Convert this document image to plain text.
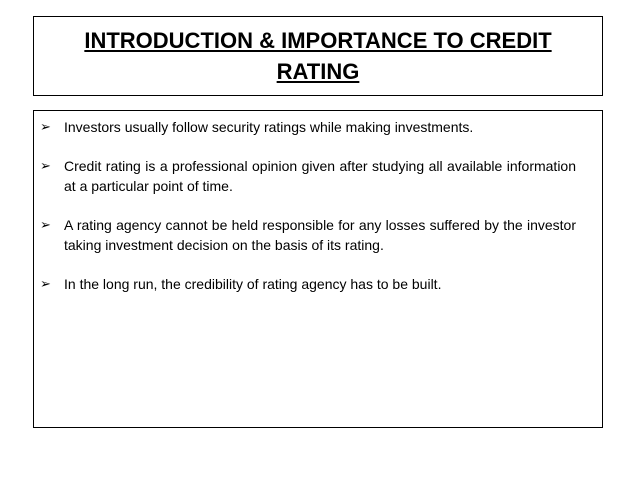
INTRODUCTION & IMPORTANCE TO CREDIT RATING
➢ Investors usually follow security ratings while making investments.
➢ Credit rating is a professional opinion given after studying all available information at a particular point of time.
➢ A rating agency cannot be held responsible for any losses suffered by the investor taking investment decision on the basis of its rating.
➢ In the long run, the credibility of rating agency has to be built.
